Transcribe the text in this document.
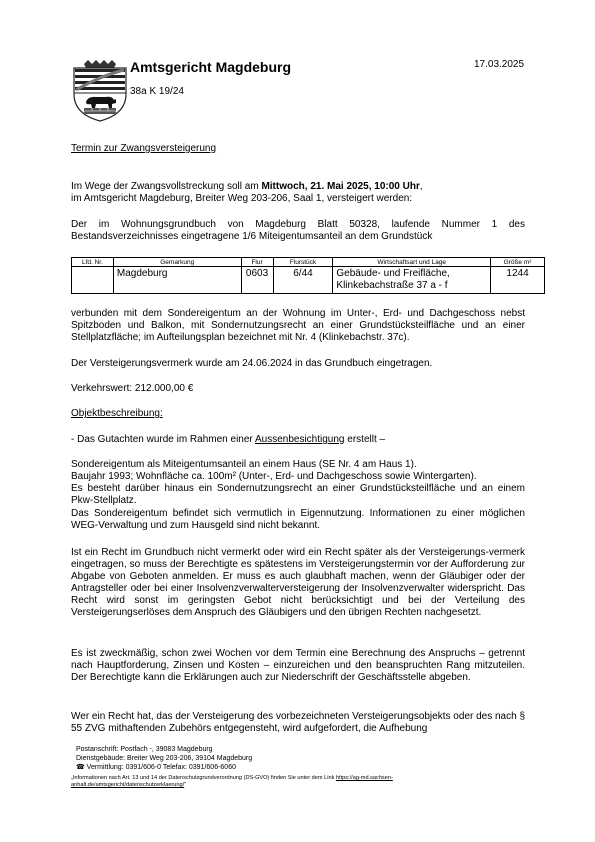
Amtsgericht Magdeburg
38a K 19/24
17.03.2025
Termin zur Zwangsversteigerung
Im Wege der Zwangsvollstreckung soll am Mittwoch, 21. Mai 2025, 10:00 Uhr,
im Amtsgericht Magdeburg, Breiter Weg 203-206, Saal 1, versteigert werden:
Der im Wohnungsgrundbuch von Magdeburg Blatt 50328, laufende Nummer 1 des Bestandsverzeichnisses eingetragene 1/6 Miteigentumsanteil an dem Grundstück
Lfd. Nr.	Gemarkung	Flur	Flurstück	Wirtschaftsart und Lage	Größe m²
	Magdeburg	0603	6/44	Gebäude- und Freifläche,
Klinkebachstraße 37 a - f	1244
verbunden mit dem Sondereigentum an der Wohnung im Unter-, Erd- und Dachgeschoss nebst Spitzboden und Balkon, mit Sondernutzungsrecht an einer Grundstücksteilfläche und an einer Stellplatzfläche; im Aufteilungsplan bezeichnet mit Nr. 4 (Klinkebachstr. 37c).
Der Versteigerungsvermerk wurde am 24.06.2024 in das Grundbuch eingetragen.
Verkehrswert: 212.000,00 €
Objektbeschreibung:
- Das Gutachten wurde im Rahmen einer Aussenbesichtigung erstellt –
Sondereigentum als Miteigentumsanteil an einem Haus (SE Nr. 4 am Haus 1).
Baujahr 1993; Wohnfläche ca. 100m² (Unter-, Erd- und Dachgeschoss sowie Wintergarten).
Es besteht darüber hinaus ein Sondernutzungsrecht an einer Grundstücksteilfläche und an einem Pkw-Stellplatz.
Das Sondereigentum befindet sich vermutlich in Eigennutzung. Informationen zu einer möglichen WEG-Verwaltung und zum Hausgeld sind nicht bekannt.
Ist ein Recht im Grundbuch nicht vermerkt oder wird ein Recht später als der Versteigerungs-vermerk eingetragen, so muss der Berechtigte es spätestens im Versteigerungstermin vor der Aufforderung zur Abgabe von Geboten anmelden. Er muss es auch glaubhaft machen, wenn der Gläubiger oder der Antragsteller oder bei einer Insolvenzverwalterversteigerung der Insolvenzverwalter widerspricht. Das Recht wird sonst im geringsten Gebot nicht berücksichtigt und bei der Verteilung des Versteigerungserlöses dem Anspruch des Gläubigers und den übrigen Rechten nachgesetzt.
Es ist zweckmäßig, schon zwei Wochen vor dem Termin eine Berechnung des Anspruchs – getrennt nach Hauptforderung, Zinsen und Kosten – einzureichen und den beanspruchten Rang mitzuteilen. Der Berechtigte kann die Erklärungen auch zur Niederschrift der Geschäftsstelle abgeben.
Wer ein Recht hat, das der Versteigerung des vorbezeichneten Versteigerungsobjekts oder des nach § 55 ZVG mithaftenden Zubehörs entgegensteht, wird aufgefordert, die Aufhebung
Postanschrift: Postfach -, 39083 Magdeburg
Dienstgebäude: Breiter Weg 203-206, 39104 Magdeburg
☎ Vermittlung: 0391/606-0 Telefax: 0391/606-6060
„Informationen nach Art. 13 und 14 der Datenschutzgrundverordnung (DS-GVO) finden Sie unter dem Link https://ag-md.sachsen-
anhalt.de/amtsgericht/datenschutzerklaerung/"
